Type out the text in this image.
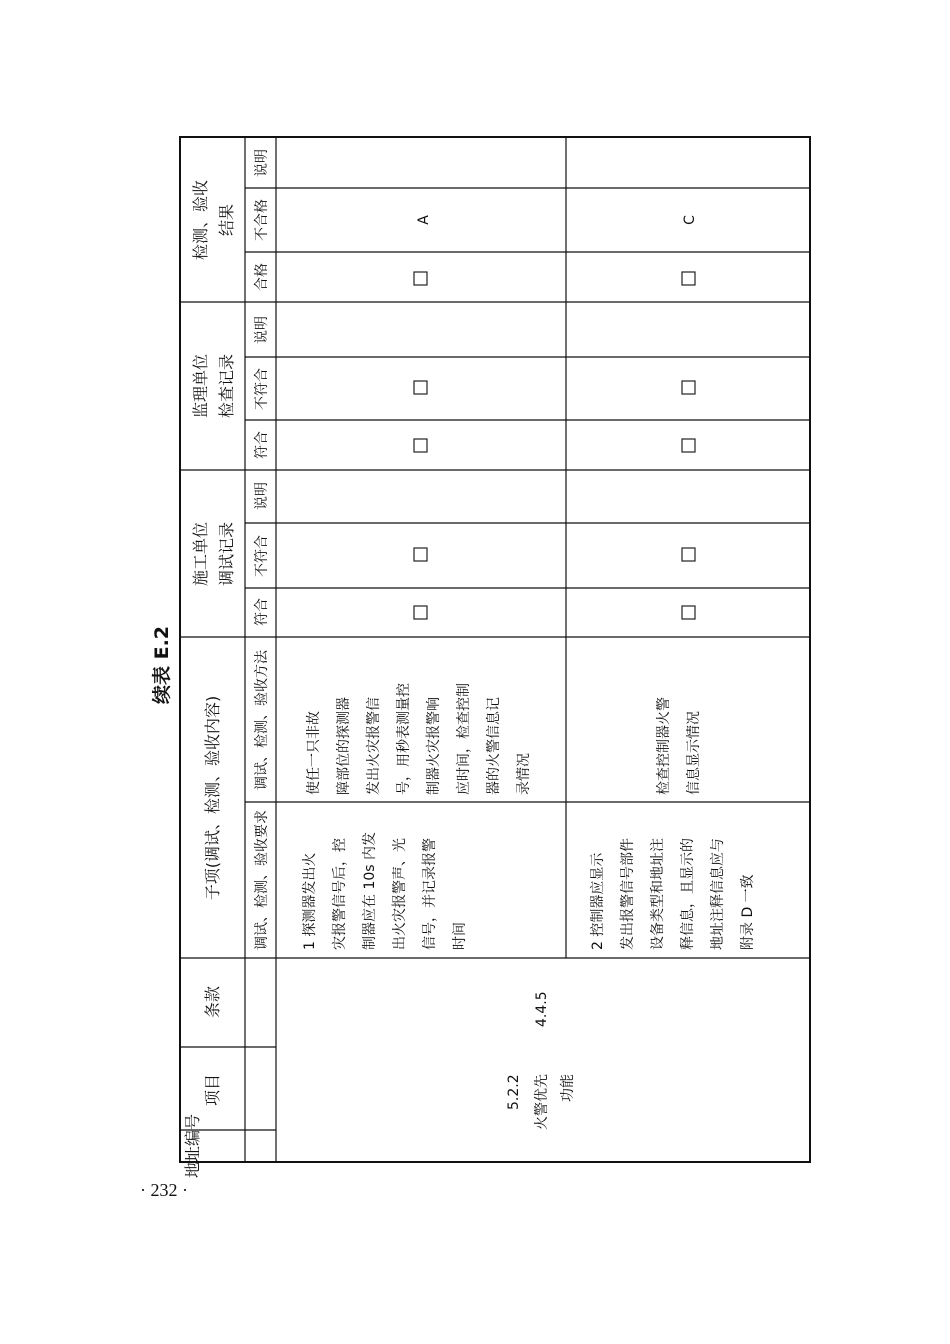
续表 E.2
· 232 ·
地址编号
项目
条款
子项(调试、检测、验收内容) 调试、检测、验收要求
调试、检测、验收方法
施工单位 调试记录
监理单位 检查记录
检测、验收 结果
符合
不符合
说明
符合
不符合
说明
合格
不合格
说明
5.2.2 火警优先 功能
4.4.5
1 探测器发出火 灾报警信号后，控 制器应在 10s 内发 出火灾报警声、光 信号，并记录报警 时间
使任一只非故 障部位的探测器 发出火灾报警信 号，用秒表测量控 制器火灾报警响 应时间，检查控制 器的火警信息记 录情况
2 控制器应显示 发出报警信号部件 设备类型和地址注 释信息，且显示的 地址注释信息应与 附录 D 一致
检查控制器火警 信息显示情况
A	C
